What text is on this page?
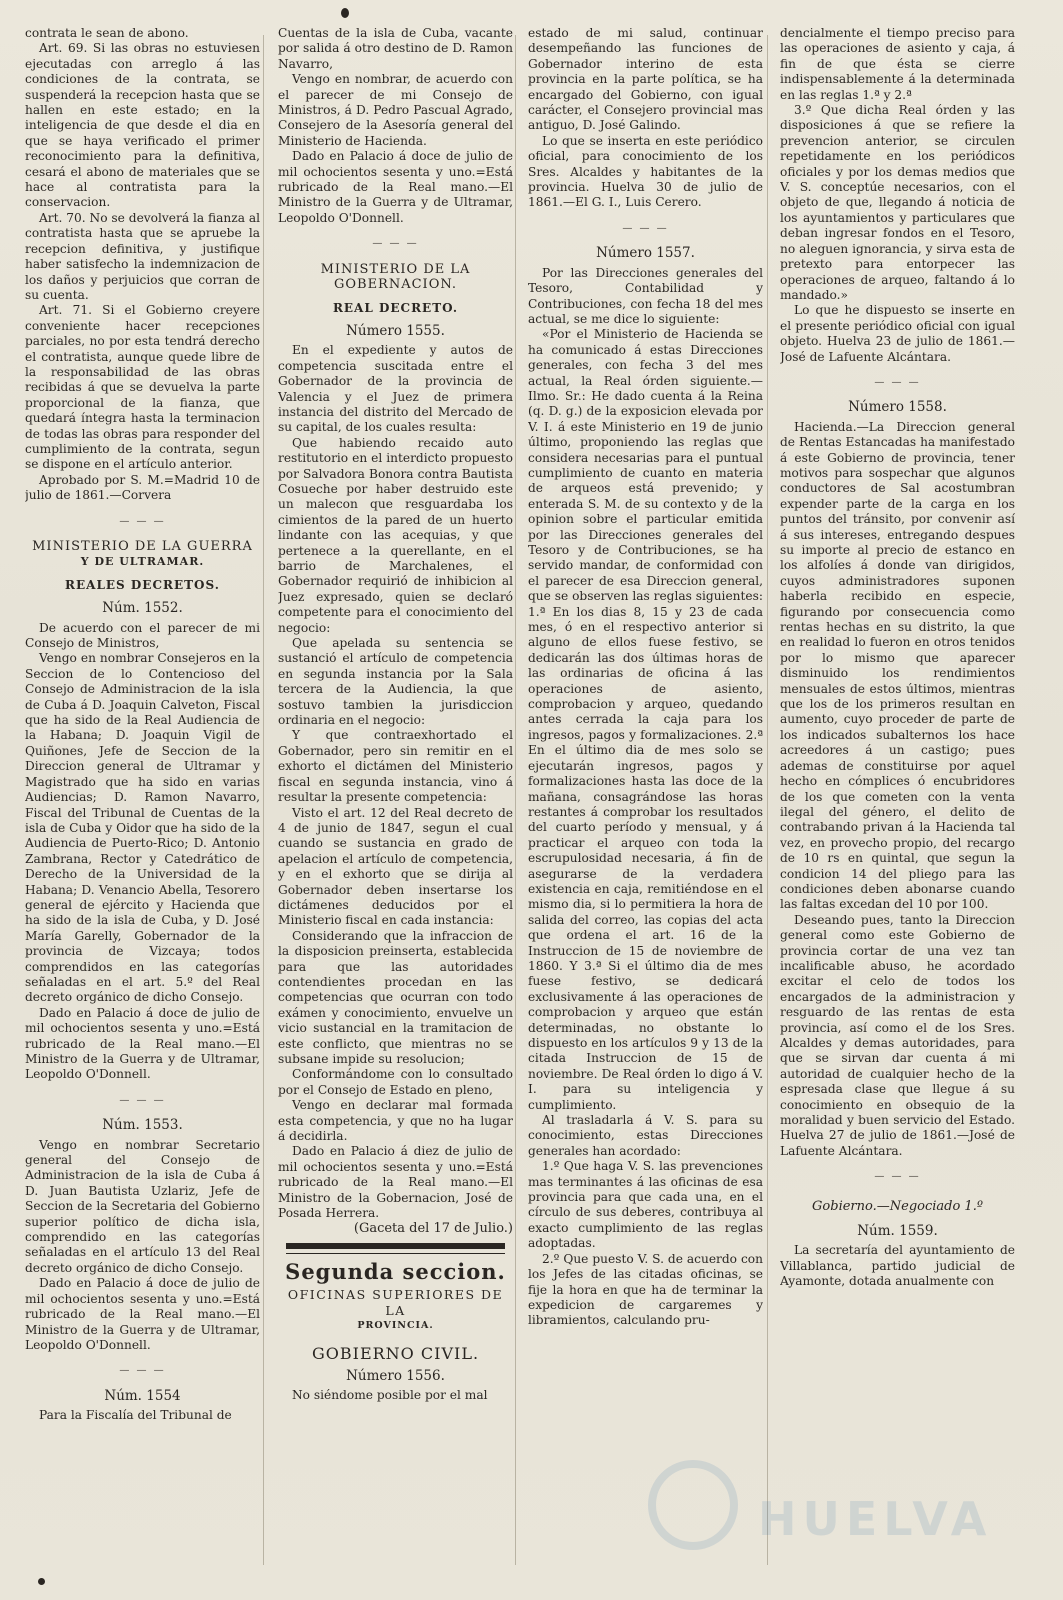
contrata le sean de abono.

Art. 69. Si las obras no estuviesen ejecutadas con arreglo á las condiciones de la contrata, se suspenderá la recepcion hasta que se hallen en este estado; en la inteligencia de que desde el dia en que se haya verificado el primer reconocimiento para la definitiva, cesará el abono de materiales que se hace al contratista para la conservacion.

Art. 70. No se devolverá la fianza al contratista hasta que se apruebe la recepcion definitiva, y justifique haber satisfecho la indemnizacion de los daños y perjuicios que corran de su cuenta.

Art. 71. Si el Gobierno creyere conveniente hacer recepciones parciales, no por esta tendrá derecho el contratista, aunque quede libre de la responsabilidad de las obras recibidas á que se devuelva la parte proporcional de la fianza, que quedará íntegra hasta la terminacion de todas las obras para responder del cumplimiento de la contrata, segun se dispone en el artículo anterior.

Aprobado por S. M.=Madrid 10 de julio de 1861.—Corvera

— — —
MINISTERIO DE LA GUERRA
Y DE ULTRAMAR.
REALES DECRETOS.
Núm. 1552.

De acuerdo con el parecer de mi Consejo de Ministros,

Vengo en nombrar Consejeros en la Seccion de lo Contencioso del Consejo de Administracion de la isla de Cuba á D. Joaquin Calveton, Fiscal que ha sido de la Real Audiencia de la Habana; D. Joaquin Vigil de Quiñones, Jefe de Seccion de la Direccion general de Ultramar y Magistrado que ha sido en varias Audiencias; D. Ramon Navarro, Fiscal del Tribunal de Cuentas de la isla de Cuba y Oidor que ha sido de la Audiencia de Puerto-Rico; D. Antonio Zambrana, Rector y Catedrático de Derecho de la Universidad de la Habana; D. Venancio Abella, Tesorero general de ejército y Hacienda que ha sido de la isla de Cuba, y D. José María Garelly, Gobernador de la provincia de Vizcaya; todos comprendidos en las categorías señaladas en el art. 5.º del Real decreto orgánico de dicho Consejo.

Dado en Palacio á doce de julio de mil ochocientos sesenta y uno.=Está rubricado de la Real mano.—El Ministro de la Guerra y de Ultramar, Leopoldo O'Donnell.

— — —
Núm. 1553.

Vengo en nombrar Secretario general del Consejo de Administracion de la isla de Cuba á D. Juan Bautista Uzlariz, Jefe de Seccion de la Secretaria del Gobierno superior político de dicha isla, comprendido en las categorías señaladas en el artículo 13 del Real decreto orgánico de dicho Consejo.

Dado en Palacio á doce de julio de mil ochocientos sesenta y uno.=Está rubricado de la Real mano.—El Ministro de la Guerra y de Ultramar, Leopoldo O'Donnell.

— — —
Núm. 1554

Para la Fiscalía del Tribunal de

Cuentas de la isla de Cuba, vacante por salida á otro destino de D. Ramon Navarro,

Vengo en nombrar, de acuerdo con el parecer de mi Consejo de Ministros, á D. Pedro Pascual Agrado, Consejero de la Asesoría general del Ministerio de Hacienda.

Dado en Palacio á doce de julio de mil ochocientos sesenta y uno.=Está rubricado de la Real mano.—El Ministro de la Guerra y de Ultramar, Leopoldo O'Donnell.

— — —
MINISTERIO DE LA GOBERNACION.
REAL DECRETO.
Número 1555.

En el expediente y autos de competencia suscitada entre el Gobernador de la provincia de Valencia y el Juez de primera instancia del distrito del Mercado de su capital, de los cuales resulta:

Que habiendo recaido auto restitutorio en el interdicto propuesto por Salvadora Bonora contra Bautista Cosueche por haber destruido este un malecon que resguardaba los cimientos de la pared de un huerto lindante con las acequias, y que pertenece a la querellante, en el barrio de Marchalenes, el Gobernador requirió de inhibicion al Juez expresado, quien se declaró competente para el conocimiento del negocio:

Que apelada su sentencia se sustanció el artículo de competencia en segunda instancia por la Sala tercera de la Audiencia, la que sostuvo tambien la jurisdiccion ordinaria en el negocio:

Y que contraexhortado el Gobernador, pero sin remitir en el exhorto el dictámen del Ministerio fiscal en segunda instancia, vino á resultar la presente competencia:

Visto el art. 12 del Real decreto de 4 de junio de 1847, segun el cual cuando se sustancia en grado de apelacion el artículo de competencia, y en el exhorto que se dirija al Gobernador deben insertarse los dictámenes deducidos por el Ministerio fiscal en cada instancia:

Considerando que la infraccion de la disposicion preinserta, establecida para que las autoridades contendientes procedan en las competencias que ocurran con todo exámen y conocimiento, envuelve un vicio sustancial en la tramitacion de este conflicto, que mientras no se subsane impide su resolucion;

Conformándome con lo consultado por el Consejo de Estado en pleno,

Vengo en declarar mal formada esta competencia, y que no ha lugar á decidirla.

Dado en Palacio á diez de julio de mil ochocientos sesenta y uno.=Está rubricado de la Real mano.—El Ministro de la Gobernacion, José de Posada Herrera.

(Gaceta del 17 de Julio.)
Segunda seccion.
OFICINAS SUPERIORES DE LA
PROVINCIA.
GOBIERNO CIVIL.
Número 1556.

No siéndome posible por el mal

estado de mi salud, continuar desempeñando las funciones de Gobernador interino de esta provincia en la parte política, se ha encargado del Gobierno, con igual carácter, el Consejero provincial mas antiguo, D. José Galindo.

Lo que se inserta en este periódico oficial, para conocimiento de los Sres. Alcaldes y habitantes de la provincia. Huelva 30 de julio de 1861.—El G. I., Luis Cerero.

— — —
Número 1557.

Por las Direcciones generales del Tesoro, Contabilidad y Contribuciones, con fecha 18 del mes actual, se me dice lo siguiente:

«Por el Ministerio de Hacienda se ha comunicado á estas Direcciones generales, con fecha 3 del mes actual, la Real órden siguiente.—Ilmo. Sr.: He dado cuenta á la Reina (q. D. g.) de la exposicion elevada por V. I. á este Ministerio en 19 de junio último, proponiendo las reglas que considera necesarias para el puntual cumplimiento de cuanto en materia de arqueos está prevenido; y enterada S. M. de su contexto y de la opinion sobre el particular emitida por las Direcciones generales del Tesoro y de Contribuciones, se ha servido mandar, de conformidad con el parecer de esa Direccion general, que se observen las reglas siguientes: 1.ª En los dias 8, 15 y 23 de cada mes, ó en el respectivo anterior si alguno de ellos fuese festivo, se dedicarán las dos últimas horas de las ordinarias de oficina á las operaciones de asiento, comprobacion y arqueo, quedando antes cerrada la caja para los ingresos, pagos y formalizaciones. 2.ª En el último dia de mes solo se ejecutarán ingresos, pagos y formalizaciones hasta las doce de la mañana, consagrándose las horas restantes á comprobar los resultados del cuarto período y mensual, y á practicar el arqueo con toda la escrupulosidad necesaria, á fin de asegurarse de la verdadera existencia en caja, remitiéndose en el mismo dia, si lo permitiera la hora de salida del correo, las copias del acta que ordena el art. 16 de la Instruccion de 15 de noviembre de 1860. Y 3.ª Si el último dia de mes fuese festivo, se dedicará exclusivamente á las operaciones de comprobacion y arqueo que están determinadas, no obstante lo dispuesto en los artículos 9 y 13 de la citada Instruccion de 15 de noviembre. De Real órden lo digo á V. I. para su inteligencia y cumplimiento.

Al trasladarla á V. S. para su conocimiento, estas Direcciones generales han acordado:

1.º Que haga V. S. las prevenciones mas terminantes á las oficinas de esa provincia para que cada una, en el círculo de sus deberes, contribuya al exacto cumplimiento de las reglas adoptadas.

2.º Que puesto V. S. de acuerdo con los Jefes de las citadas oficinas, se fije la hora en que ha de terminar la expedicion de cargaremes y libramientos, calculando pru-

dencialmente el tiempo preciso para las operaciones de asiento y caja, á fin de que ésta se cierre indispensablemente á la determinada en las reglas 1.ª y 2.ª

3.º Que dicha Real órden y las disposiciones á que se refiere la prevencion anterior, se circulen repetidamente en los periódicos oficiales y por los demas medios que V. S. conceptúe necesarios, con el objeto de que, llegando á noticia de los ayuntamientos y particulares que deban ingresar fondos en el Tesoro, no aleguen ignorancia, y sirva esta de pretexto para entorpecer las operaciones de arqueo, faltando á lo mandado.»

Lo que he dispuesto se inserte en el presente periódico oficial con igual objeto. Huelva 23 de julio de 1861.—José de Lafuente Alcántara.

— — —
Número 1558.

Hacienda.—La Direccion general de Rentas Estancadas ha manifestado á este Gobierno de provincia, tener motivos para sospechar que algunos conductores de Sal acostumbran expender parte de la carga en los puntos del tránsito, por convenir así á sus intereses, entregando despues su importe al precio de estanco en los alfolíes á donde van dirigidos, cuyos administradores suponen haberla recibido en especie, figurando por consecuencia como rentas hechas en su distrito, la que en realidad lo fueron en otros tenidos por lo mismo que aparecer disminuido los rendimientos mensuales de estos últimos, mientras que los de los primeros resultan en aumento, cuyo proceder de parte de los indicados subalternos los hace acreedores á un castigo; pues ademas de constituirse por aquel hecho en cómplices ó encubridores de los que cometen con la venta ilegal del género, el delito de contrabando privan á la Hacienda tal vez, en provecho propio, del recargo de 10 rs en quintal, que segun la condicion 14 del pliego para las condiciones deben abonarse cuando las faltas excedan del 10 por 100.

Deseando pues, tanto la Direccion general como este Gobierno de provincia cortar de una vez tan incalificable abuso, he acordado excitar el celo de todos los encargados de la administracion y resguardo de las rentas de esta provincia, así como el de los Sres. Alcaldes y demas autoridades, para que se sirvan dar cuenta á mi autoridad de cualquier hecho de la espresada clase que llegue á su conocimiento en obsequio de la moralidad y buen servicio del Estado. Huelva 27 de julio de 1861.—José de Lafuente Alcántara.

— — —
Gobierno.—Negociado 1.º
Núm. 1559.

La secretaría del ayuntamiento de Villablanca, partido judicial de Ayamonte, dotada anualmente con

HUELVA
